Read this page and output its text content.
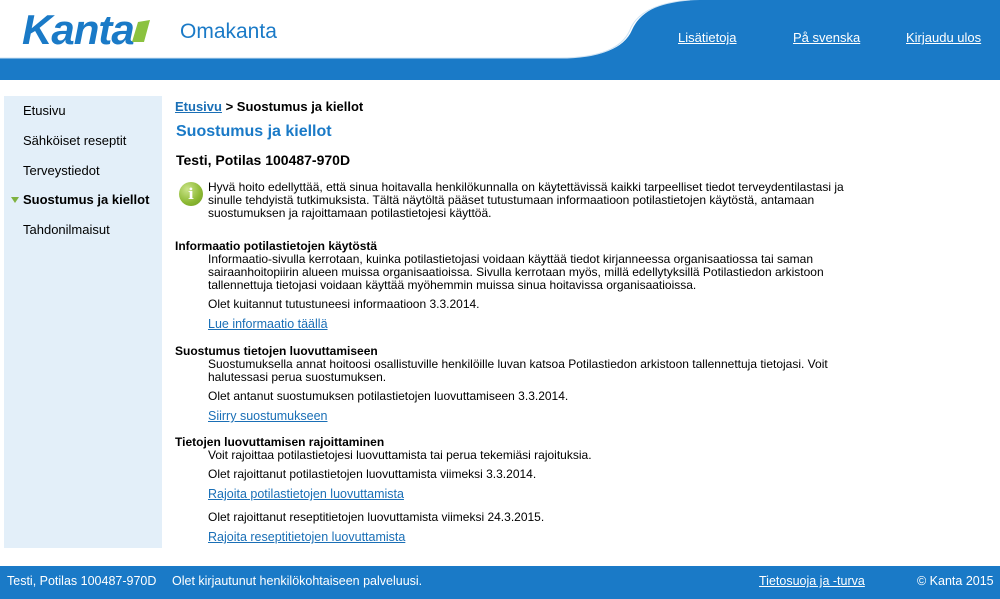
Kanta Omakanta	Lisätietoja	På svenska	Kirjaudu ulos
Etusivu
Sähköiset reseptit
Terveystiedot
Suostumus ja kiellot
Tahdonilmaisut
Etusivu > Suostumus ja kiellot
Suostumus ja kiellot
Testi, Potilas 100487-970D
i	Hyvä hoito edellyttää, että sinua hoitavalla henkilökunnalla on käytettävissä kaikki tarpeelliset tiedot terveydentilastasi ja sinulle tehdyistä tutkimuksista. Tältä näytöltä pääset tutustumaan informaatioon potilastietojen käytöstä, antamaan suostumuksen ja rajoittamaan potilastietojesi käyttöä.
Informaatio potilastietojen käytöstä
Informaatio-sivulla kerrotaan, kuinka potilastietojasi voidaan käyttää tiedot kirjanneessa organisaatiossa tai saman sairaanhoitopiirin alueen muissa organisaatioissa. Sivulla kerrotaan myös, millä edellytyksillä Potilastiedon arkistoon tallennettuja tietojasi voidaan käyttää myöhemmin muissa sinua hoitavissa organisaatioissa.
Olet kuitannut tutustuneesi informaatioon 3.3.2014.
Lue informaatio täällä
Suostumus tietojen luovuttamiseen
Suostumuksella annat hoitoosi osallistuville henkilöille luvan katsoa Potilastiedon arkistoon tallennettuja tietojasi. Voit halutessasi perua suostumuksen.
Olet antanut suostumuksen potilastietojen luovuttamiseen 3.3.2014.
Siirry suostumukseen
Tietojen luovuttamisen rajoittaminen
Voit rajoittaa potilastietojesi luovuttamista tai perua tekemiäsi rajoituksia.
Olet rajoittanut potilastietojen luovuttamista viimeksi 3.3.2014.
Rajoita potilastietojen luovuttamista
Olet rajoittanut reseptitietojen luovuttamista viimeksi 24.3.2015.
Rajoita reseptitietojen luovuttamista
Testi, Potilas 100487-970D Olet kirjautunut henkilökohtaiseen palveluusi.	Tietosuoja ja -turva	© Kanta 2015
